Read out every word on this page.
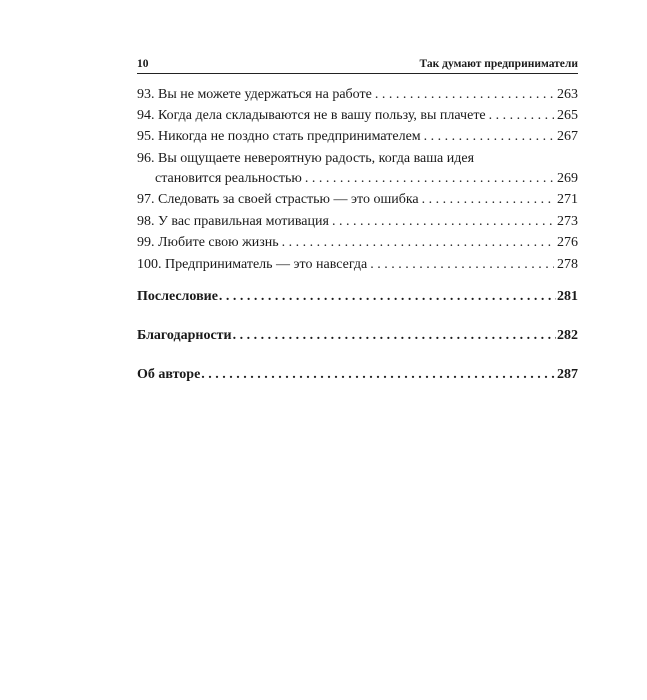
10	Так думают предприниматели
93. Вы не можете удержаться на работе . . .	263
94. Когда дела складываются не в вашу пользу, вы плачете . . .	265
95. Никогда не поздно стать предпринимателем . . .	267
96. Вы ощущаете невероятную радость, когда ваша идея
становится реальностью . . .	269
97. Следовать за своей страстью — это ошибка . . .	271
98. У вас правильная мотивация . . .	273
99. Любите свою жизнь . . .	276
100. Предприниматель — это навсегда . . .	278
Послесловие . . .	281
Благодарности . . .	282
Об авторе . . .	287
